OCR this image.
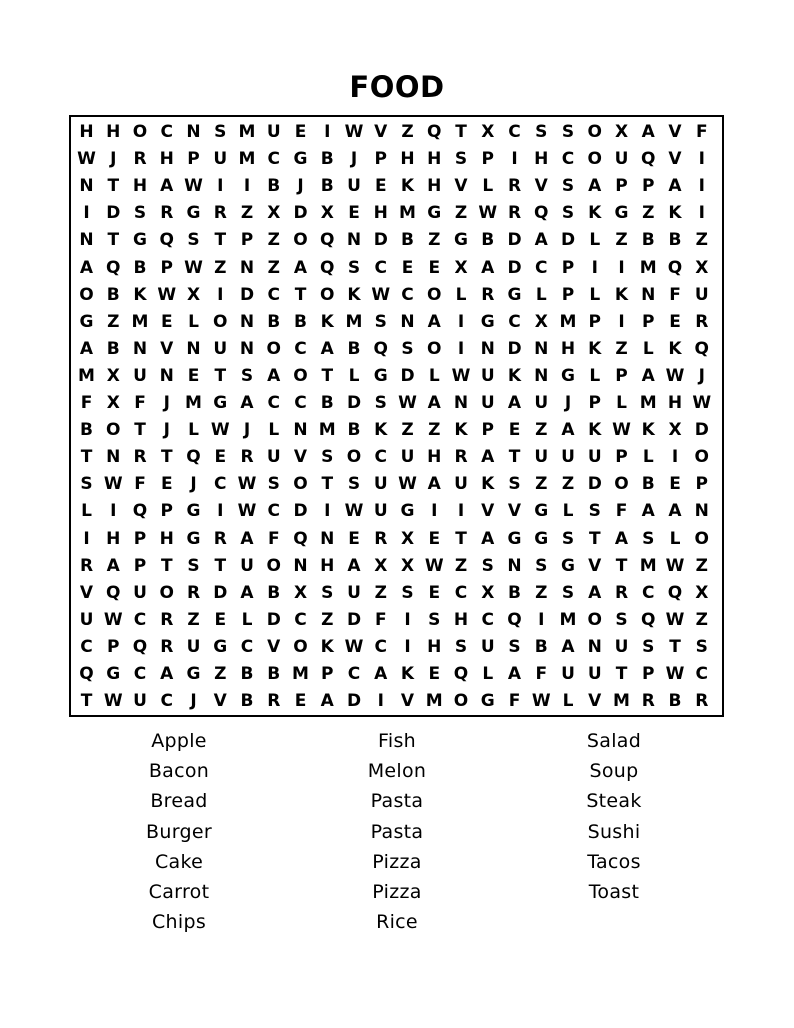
FOOD
H H O C N S M U E	I W V Z Q T X C S S O X A V F
W J	R H P U M C G B	J	P H H S P	I H C O U Q V	I
N T H A W I	I	B	J	B U E K H V L R V S A P P A	I
I D S R G R Z X D X E H M G Z W R Q S K G Z K I
N T G Q S T P Z O Q N D B Z G B D A D L Z B B Z
A Q B P W Z N Z A Q S C E E X A D C P	I	I M Q X
O B K W X	I D C T O K W C O L R G L P L K N F U
G Z M E L O N B B K M S N A	I G C X M P	I	P E R
A B N V N U N O C A B Q S O I N D N H K Z L K Q
M X U N E T S A O T L G D L W U K N G L P A W J
F X F	J M G A C C B D S W A N U A U J	P L M H W
B O T	J	L W J	L N M B K Z Z K P E Z A K W K X D
T N R T Q E R U V S O C U H R A T U U U P L	I O
S W F E	J	C W S O T S U W A U K S Z Z D O B E P
L	I Q P G I W C D I W U G I	I	V V G L S F A A N
I H P H G R A F Q N E R X E T A G G S T A S L O
R A P T S T U O N H A X X W Z S N S G V T M W Z
V Q U O R D A B X S U Z S E C X B Z S A R C Q X
U W C R Z E L D C Z D F	I	S H C Q I M O S Q W Z
C P Q R U G C V O K W C	I H S U S B A N U S T S
Q G C A G Z B B M P C A K E Q L A F U U T P W C
T W U C	J	V B R E A D I	V M O G F W L V M R B R
Apple
Bacon
Bread
Burger
Cake
Carrot
Chips
Fish
Melon
Pasta
Pasta
Pizza
Pizza
Rice
Salad
Soup
Steak
Sushi
Tacos
Toast
